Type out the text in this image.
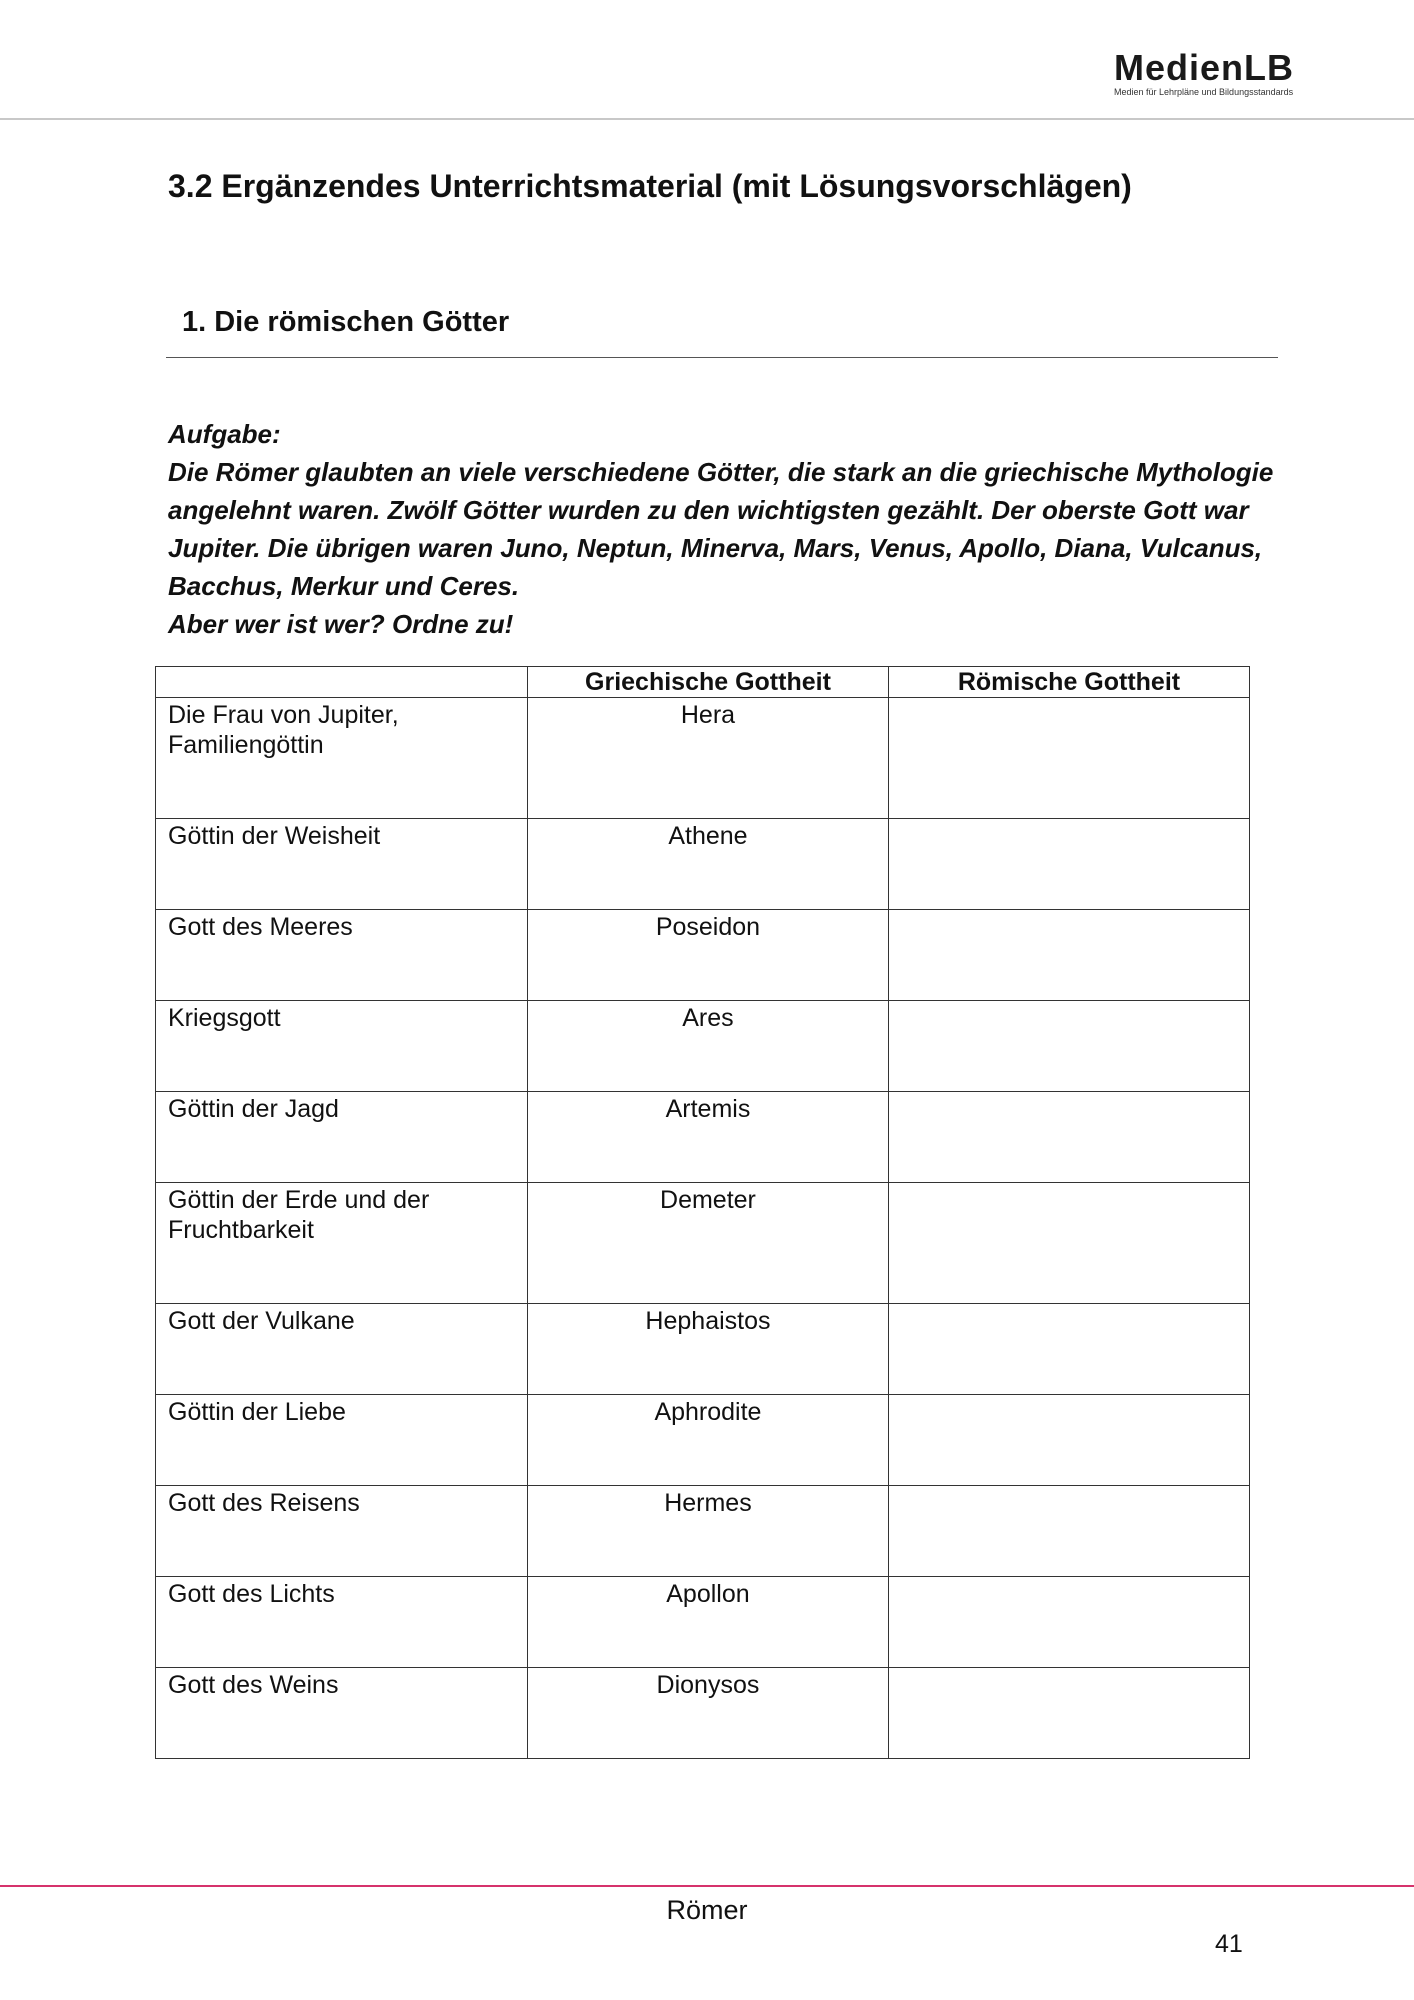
MedienLB
Medien für Lehrpläne und Bildungsstandards
3.2 Ergänzendes Unterrichtsmaterial (mit Lösungsvorschlägen)
1. Die römischen Götter

Aufgabe:

Die Römer glaubten an viele verschiedene Götter, die stark an die griechische Mythologie angelehnt waren. Zwölf Götter wurden zu den wichtigsten gezählt. Der oberste Gott war Jupiter. Die übrigen waren Juno, Neptun, Minerva, Mars, Venus, Apollo, Diana, Vulcanus, Bacchus, Merkur und Ceres.

Aber wer ist wer? Ordne zu!

	Griechische Gottheit	Römische Gottheit
Die Frau von Jupiter, Familiengöttin	Hera	
Göttin der Weisheit	Athene	
Gott des Meeres	Poseidon	
Kriegsgott	Ares	
Göttin der Jagd	Artemis	
Göttin der Erde und der Fruchtbarkeit	Demeter	
Gott der Vulkane	Hephaistos	
Göttin der Liebe	Aphrodite	
Gott des Reisens	Hermes	
Gott des Lichts	Apollon	
Gott des Weins	Dionysos	
Römer
41
